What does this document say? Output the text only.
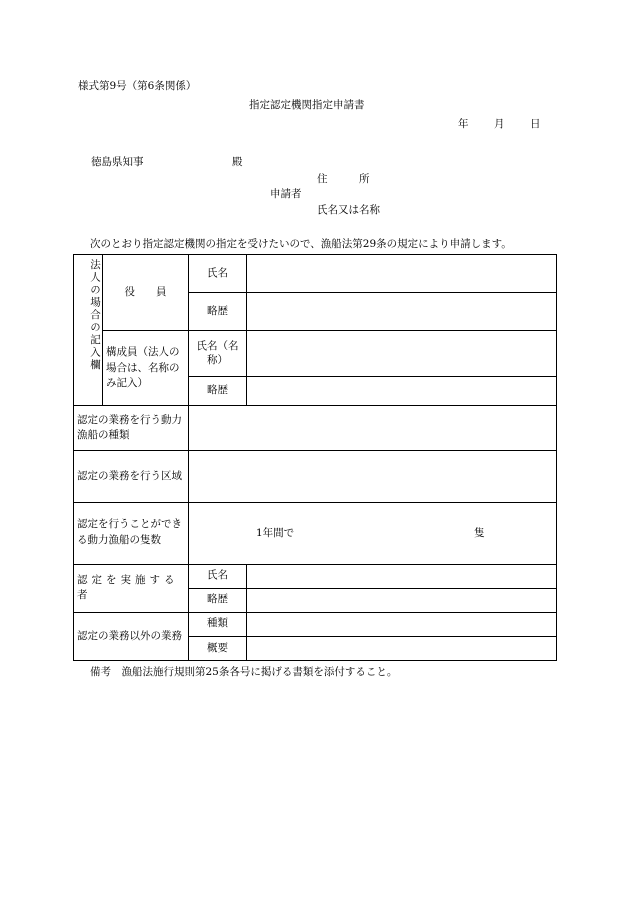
様式第9号（第6条関係）
指定認定機関指定申請書
年 月 日
徳島県知事	殿
住　　　所
申請者
氏名又は名称
次のとおり指定認定機関の指定を受けたいので、漁船法第29条の規定により申請します。
法人の場合の記入欄	役　　員	氏名	
		略歴	
	構成員（法人の場合は、名称のみ記入）	氏名（名称）	
		略歴	
認定の業務を行う動力漁船の種類			
認定の業務を行う区域			
認定を行うことができる動力漁船の隻数		1年間で 隻	

認定を実施する者		氏名	
		略歴	
認定の業務以外の業務		種類	
		概要	
備考　漁船法施行規則第25条各号に掲げる書類を添付すること。
